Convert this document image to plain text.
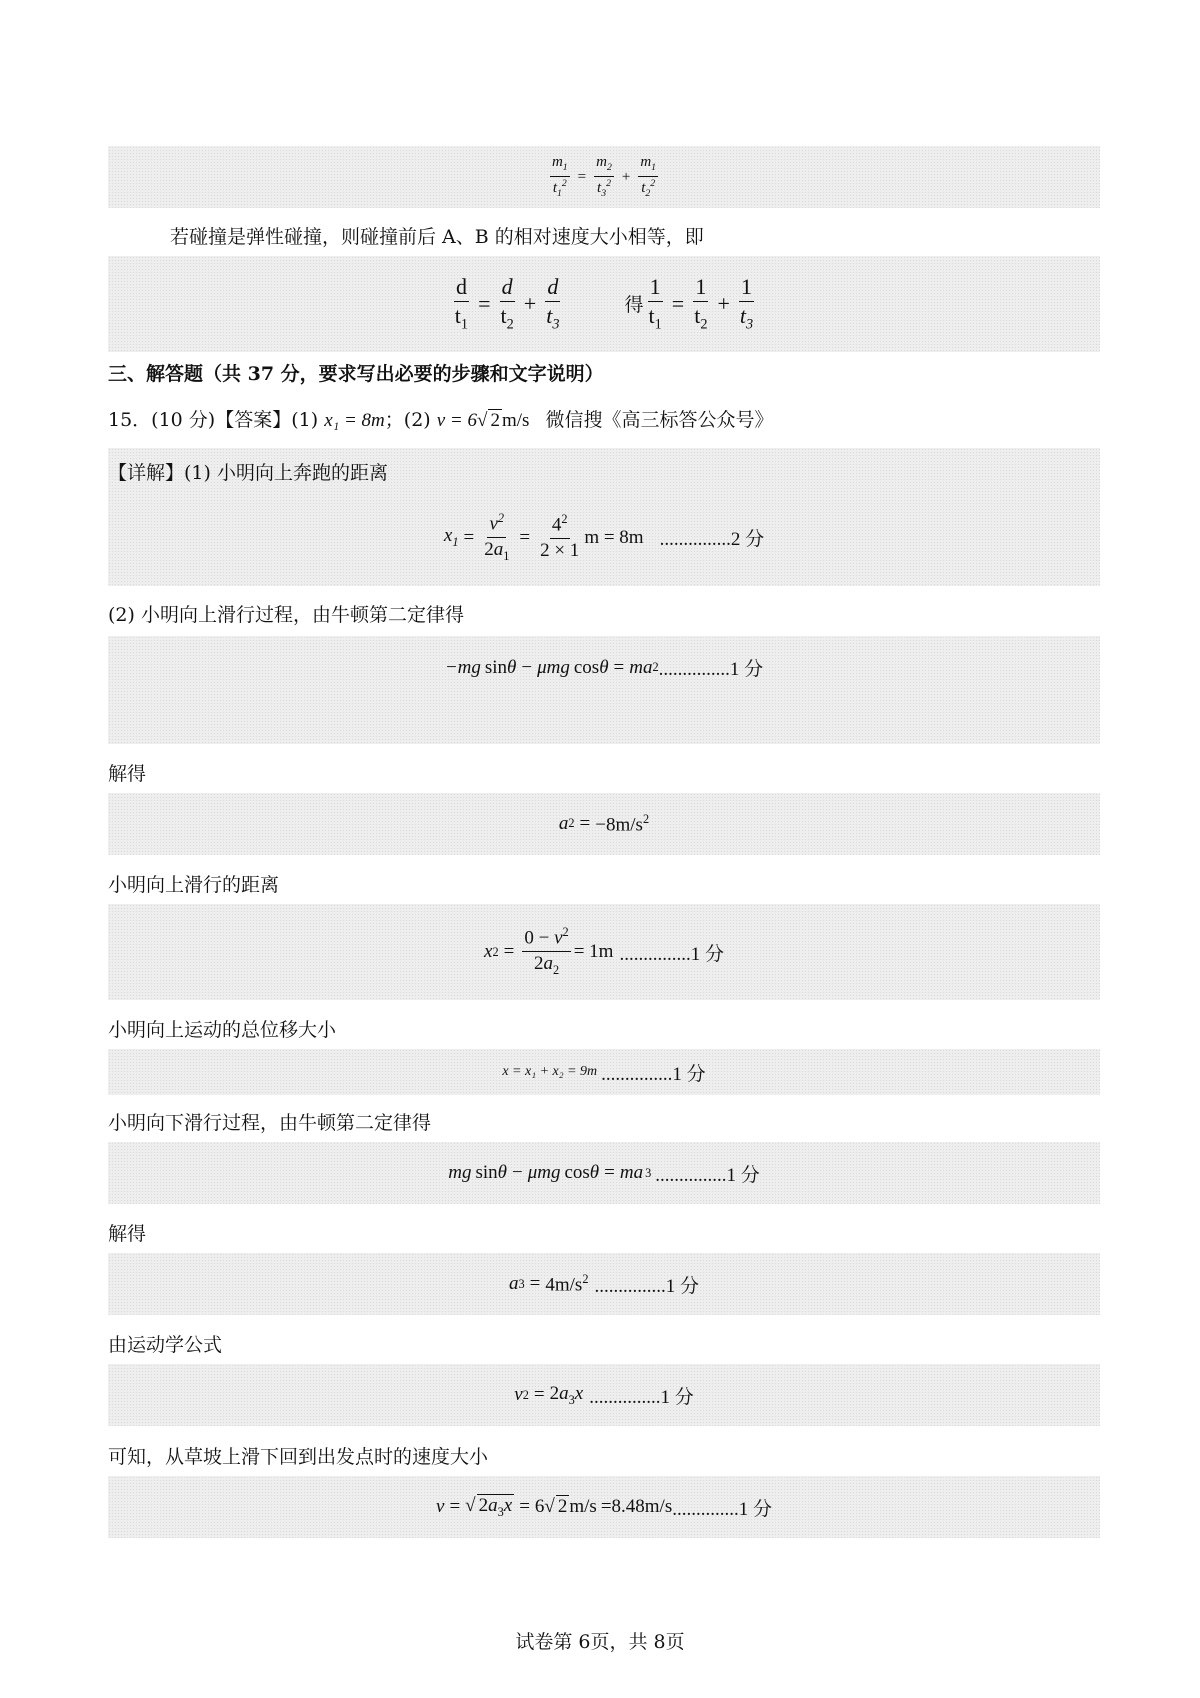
$\frac{m_1}{t_1^2} = \frac{m_2}{t_3^2} + \frac{m_1}{t_2^2}$
若碰撞是弹性碰撞，则碰撞前后 A、B 的相对速度大小相等，即
$\frac{d}{t_1} = \frac{d}{t_2} + \frac{d}{t_3}$	得 $\frac{1}{t_1} = \frac{1}{t_2} + \frac{1}{t_3}$
三、解答题（共 37 分，要求写出必要的步骤和文字说明）
15．(10 分)【答案】(1) x₁ = 8m；(2) v = 6√ 2 m/s 微信搜《高三标答公众号》
【详解】(1) 小明向上奔跑的距离
$x_1 = \frac{v^2}{2a_1} = \frac{4^2}{2 \times 1}$ m = 8m ...............2 分
(2) 小明向上滑行过程，由牛顿第二定律得
−mg sin θ − μmg cos θ = ma 2 ...............1 分
解得
a $2 = -8m/s^2$
小明向上滑行的距离
x $2 = \frac{0 - v^2}{2a_2} = 1m$ ...............1 分
小明向上运动的总位移大小
x = x₁ + x₂ = 9m ...............1 分
小明向下滑行过程，由牛顿第二定律得
mg sin θ − μmg cos θ = ma 3 ...............1 分
解得
a $3 = 4m/s^2$ ...............1 分
由运动学公式
v $2 = 2a_3x$ ...............1 分
可知，从草坡上滑下回到出发点时的速度大小
v = √ $2a_3x = 6√$ 2 m/s =8.48m/s ..............1 分
试卷第 6页，共 8页
